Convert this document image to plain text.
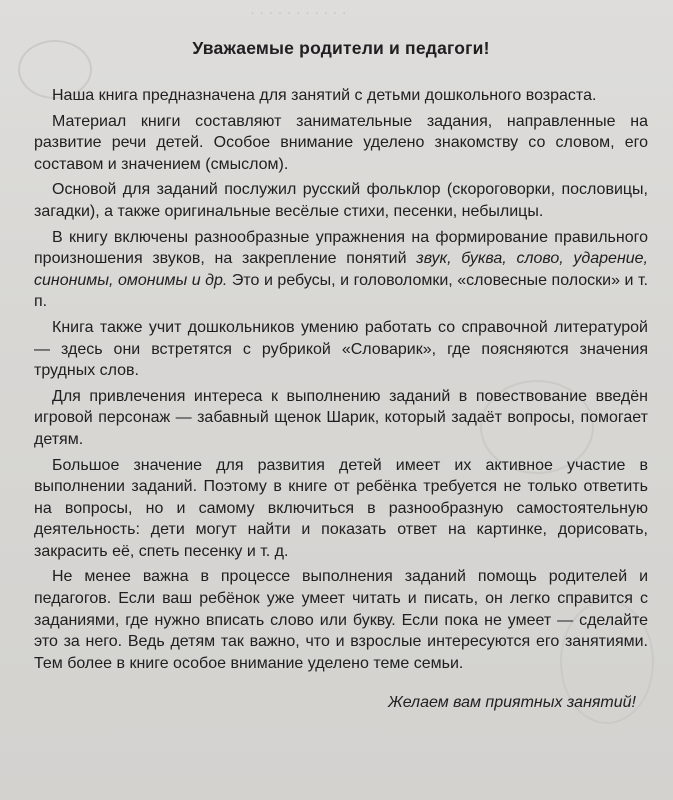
· · · · · · · · · · ·
Уважаемые родители и педагоги!

Наша книга предназначена для занятий с детьми дошкольного возраста.

Материал книги составляют занимательные задания, направленные на развитие речи детей. Особое внимание уделено знакомству со словом, его составом и значением (смыслом).

Основой для заданий послужил русский фольклор (скороговорки, пословицы, загадки), а также оригинальные весёлые стихи, песенки, небылицы.

В книгу включены разнообразные упражнения на формирование правильного произношения звуков, на закрепление понятий звук, буква, слово, ударение, синонимы, омонимы и др. Это и ребусы, и головоломки, «словесные полоски» и т. п.

Книга также учит дошкольников умению работать со справочной литературой — здесь они встретятся с рубрикой «Словарик», где поясняются значения трудных слов.

Для привлечения интереса к выполнению заданий в повествование введён игровой персонаж — забавный щенок Шарик, который задаёт вопросы, помогает детям.

Большое значение для развития детей имеет их активное участие в выполнении заданий. Поэтому в книге от ребёнка требуется не только ответить на вопросы, но и самому включиться в разнообразную самостоятельную деятельность: дети могут найти и показать ответ на картинке, дорисовать, закрасить её, спеть песенку и т. д.

Не менее важна в процессе выполнения заданий помощь родителей и педагогов. Если ваш ребёнок уже умеет читать и писать, он легко справится с заданиями, где нужно вписать слово или букву. Если пока не умеет — сделайте это за него. Ведь детям так важно, что и взрослые интересуются его занятиями. Тем более в книге особое внимание уделено теме семьи.

Желаем вам приятных занятий!
